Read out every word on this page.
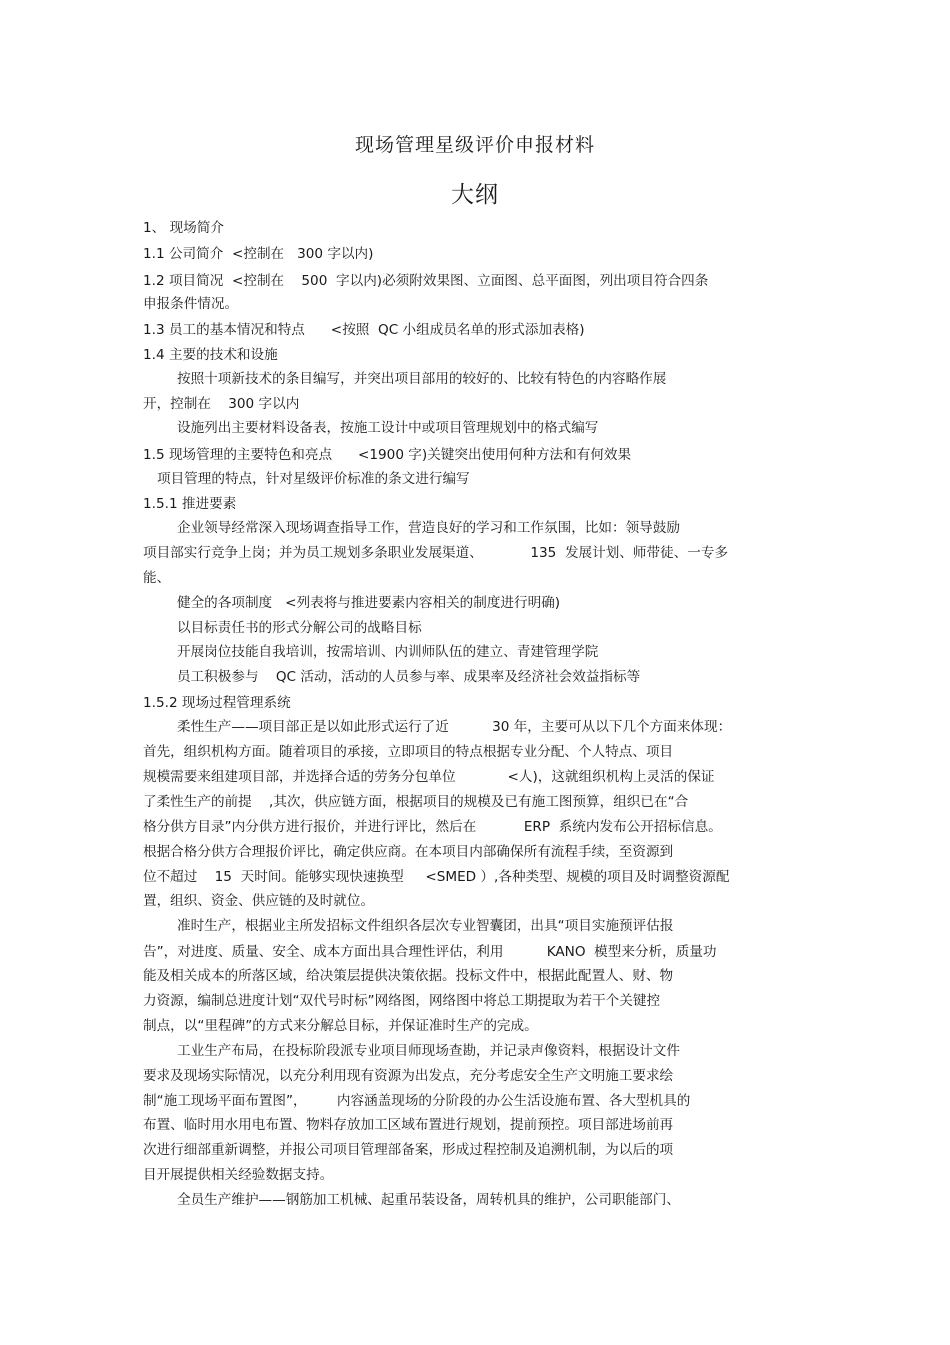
现场管理星级评价申报材料
大纲
1、 现场简介
1.1 公司简介  <控制在   300 字以内)
1.2 项目简况  <控制在    500  字以内)必须附效果图、立面图、总平面图，列出项目符合四条
申报条件情况。
1.3 员工的基本情况和特点      <按照  QC 小组成员名单的形式添加表格)
1.4 主要的技术和设施
按照十项新技术的条目编写，并突出项目部用的较好的、比较有特色的内容略作展
开，控制在    300 字以内
设施列出主要材料设备表，按施工设计中或项目管理规划中的格式编写
1.5 现场管理的主要特色和亮点      <1900 字)关键突出使用何种方法和有何效果
项目管理的特点，针对星级评价标准的条文进行编写
1.5.1 推进要素
企业领导经常深入现场调查指导工作，营造良好的学习和工作氛围，比如：领导鼓励
项目部实行竞争上岗；并为员工规划多条职业发展渠道、           135  发展计划、师带徒、一专多
能、
健全的各项制度   <列表将与推进要素内容相关的制度进行明确)
以目标责任书的形式分解公司的战略目标
开展岗位技能自我培训，按需培训、内训师队伍的建立、青建管理学院
员工积极参与    QC 活动，活动的人员参与率、成果率及经济社会效益指标等
1.5.2 现场过程管理系统
柔性生产——项目部正是以如此形式运行了近          30 年，主要可从以下几个方面来体现：
首先，组织机构方面。随着项目的承接，立即项目的特点根据专业分配、个人特点、项目
规模需要来组建项目部，并选择合适的劳务分包单位            <人)，这就组织机构上灵活的保证
了柔性生产的前提    ,其次，供应链方面，根据项目的规模及已有施工图预算，组织已在“合
格分供方目录”内分供方进行报价，并进行评比，然后在           ERP  系统内发布公开招标信息。
根据合格分供方合理报价评比，确定供应商。在本项目内部确保所有流程手续，至资源到
位不超过    15  天时间。能够实现快速换型     <SMED ）,各种类型、规模的项目及时调整资源配
置，组织、资金、供应链的及时就位。
准时生产，根据业主所发招标文件组织各层次专业智囊团，出具“项目实施预评估报
告”，对进度、质量、安全、成本方面出具合理性评估，利用          KANO  模型来分析，质量功
能及相关成本的所落区域，给决策层提供决策依据。投标文件中，根据此配置人、财、物
力资源，编制总进度计划“双代号时标”网络图，网络图中将总工期提取为若干个关键控
制点，以“里程碑”的方式来分解总目标，并保证准时生产的完成。
工业生产布局，在投标阶段派专业项目师现场查勘，并记录声像资料，根据设计文件
要求及现场实际情况，以充分利用现有资源为出发点，充分考虑安全生产文明施工要求绘
制“施工现场平面布置图”，       内容涵盖现场的分阶段的办公生活设施布置、各大型机具的
布置、临时用水用电布置、物料存放加工区域布置进行规划，提前预控。项目部进场前再
次进行细部重新调整，并报公司项目管理部备案，形成过程控制及追溯机制，为以后的项
目开展提供相关经验数据支持。
全员生产维护——钢筋加工机械、起重吊装设备，周转机具的维护，公司职能部门、
